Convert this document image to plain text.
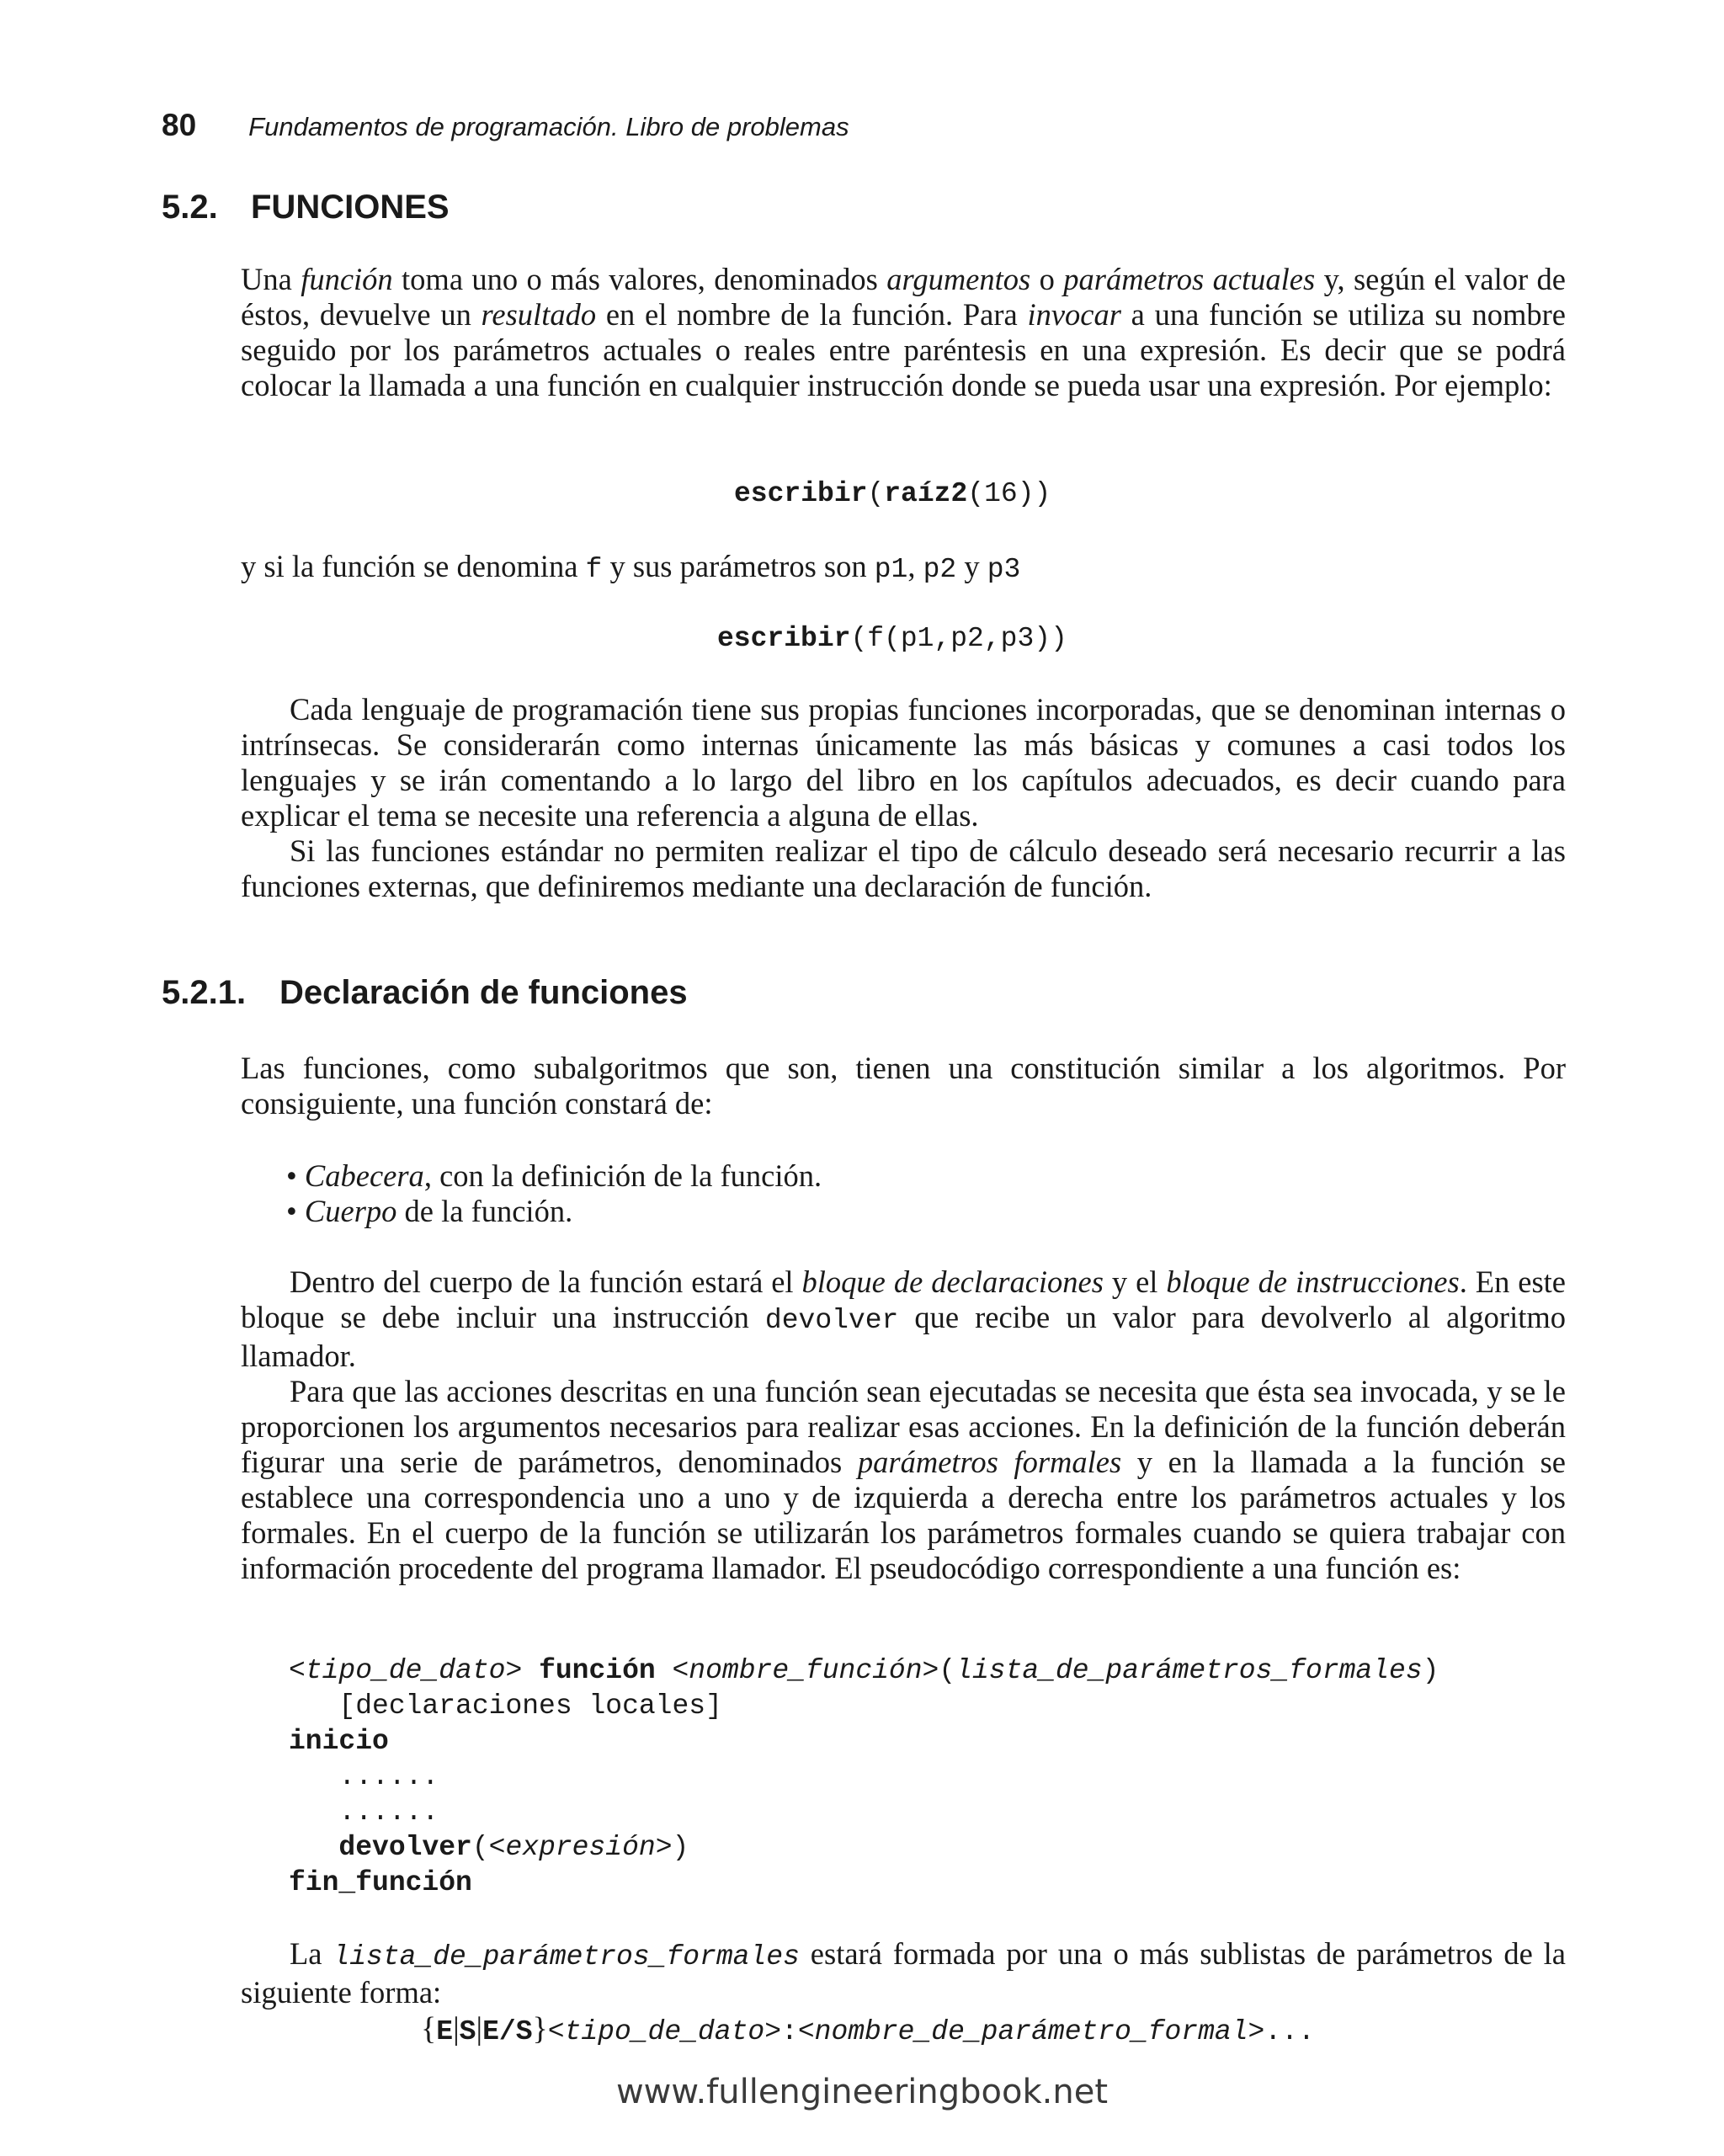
80 Fundamentos de programación. Libro de problemas
5.2. FUNCIONES

Una función toma uno o más valores, denominados argumentos o parámetros actuales y, según el valor de éstos, devuelve un resultado en el nombre de la función. Para invocar a una función se utiliza su nombre seguido por los parámetros actuales o reales entre paréntesis en una expresión. Es decir que se podrá colocar la llamada a una función en cualquier instrucción donde se pueda usar una expresión. Por ejemplo:

escribir(raíz2(16))

y si la función se denomina f y sus parámetros son p1, p2 y p3

escribir(f(p1,p2,p3))

Cada lenguaje de programación tiene sus propias funciones incorporadas, que se denominan internas o intrínsecas. Se considerarán como internas únicamente las más básicas y comunes a casi todos los lenguajes y se irán comentando a lo largo del libro en los capítulos adecuados, es decir cuando para explicar el tema se necesite una referencia a alguna de ellas.

Si las funciones estándar no permiten realizar el tipo de cálculo deseado será necesario recurrir a las funciones externas, que definiremos mediante una declaración de función.

5.2.1. Declaración de funciones

Las funciones, como subalgoritmos que son, tienen una constitución similar a los algoritmos. Por consiguiente, una función constará de:

• Cabecera, con la definición de la función.
• Cuerpo de la función.

Dentro del cuerpo de la función estará el bloque de declaraciones y el bloque de instrucciones. En este bloque se debe incluir una instrucción devolver que recibe un valor para devolverlo al algoritmo llamador.

Para que las acciones descritas en una función sean ejecutadas se necesita que ésta sea invocada, y se le proporcionen los argumentos necesarios para realizar esas acciones. En la definición de la función deberán figurar una serie de parámetros, denominados parámetros formales y en la llamada a la función se establece una correspondencia uno a uno y de izquierda a derecha entre los parámetros actuales y los formales. En el cuerpo de la función se utilizarán los parámetros formales cuando se quiera trabajar con información procedente del programa llamador. El pseudocódigo correspondiente a una función es:

<tipo_de_dato> función <nombre_función>(lista_de_parámetros_formales)
[declaraciones locales]
inicio
......
......
devolver(<expresión>)
fin_función

La lista_de_parámetros_formales estará formada por una o más sublistas de parámetros de la siguiente forma:

{E|S|E/S}<tipo_de_dato>:<nombre_de_parámetro_formal>...
www.fullengineeringbook.net
